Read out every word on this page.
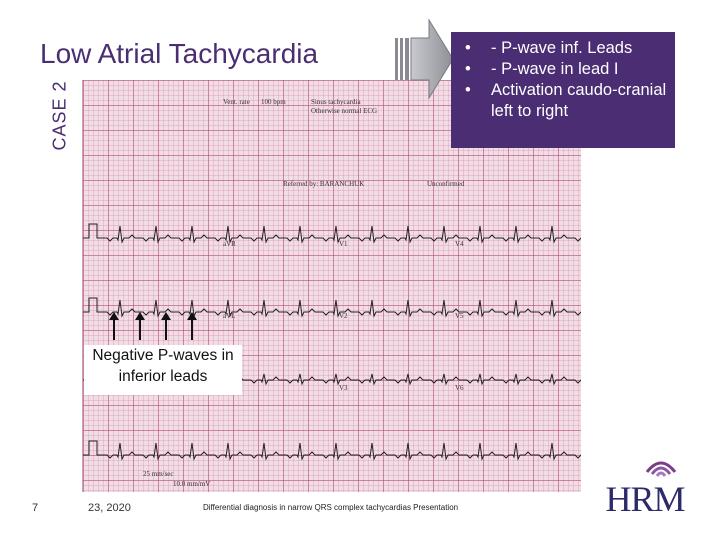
Low Atrial Tachycardia
CASE 2	100 bpm
Vent. rate	Sinus tachycardia
Otherwise normal ECG
Referred by: BARANCHUK	Unconfirmed
25 mm/sec
10.0 mm/mV
aVR	V1	V4
aVL	V2	V5
V3	V6
• - P-wave inf. Leads
• - P-wave in lead I
• Activation caudo-cranial left to right
Negative P-waves in inferior leads
7	23, 2020	Differential diagnosis in narrow QRS complex tachycardias Presentation	HRM
